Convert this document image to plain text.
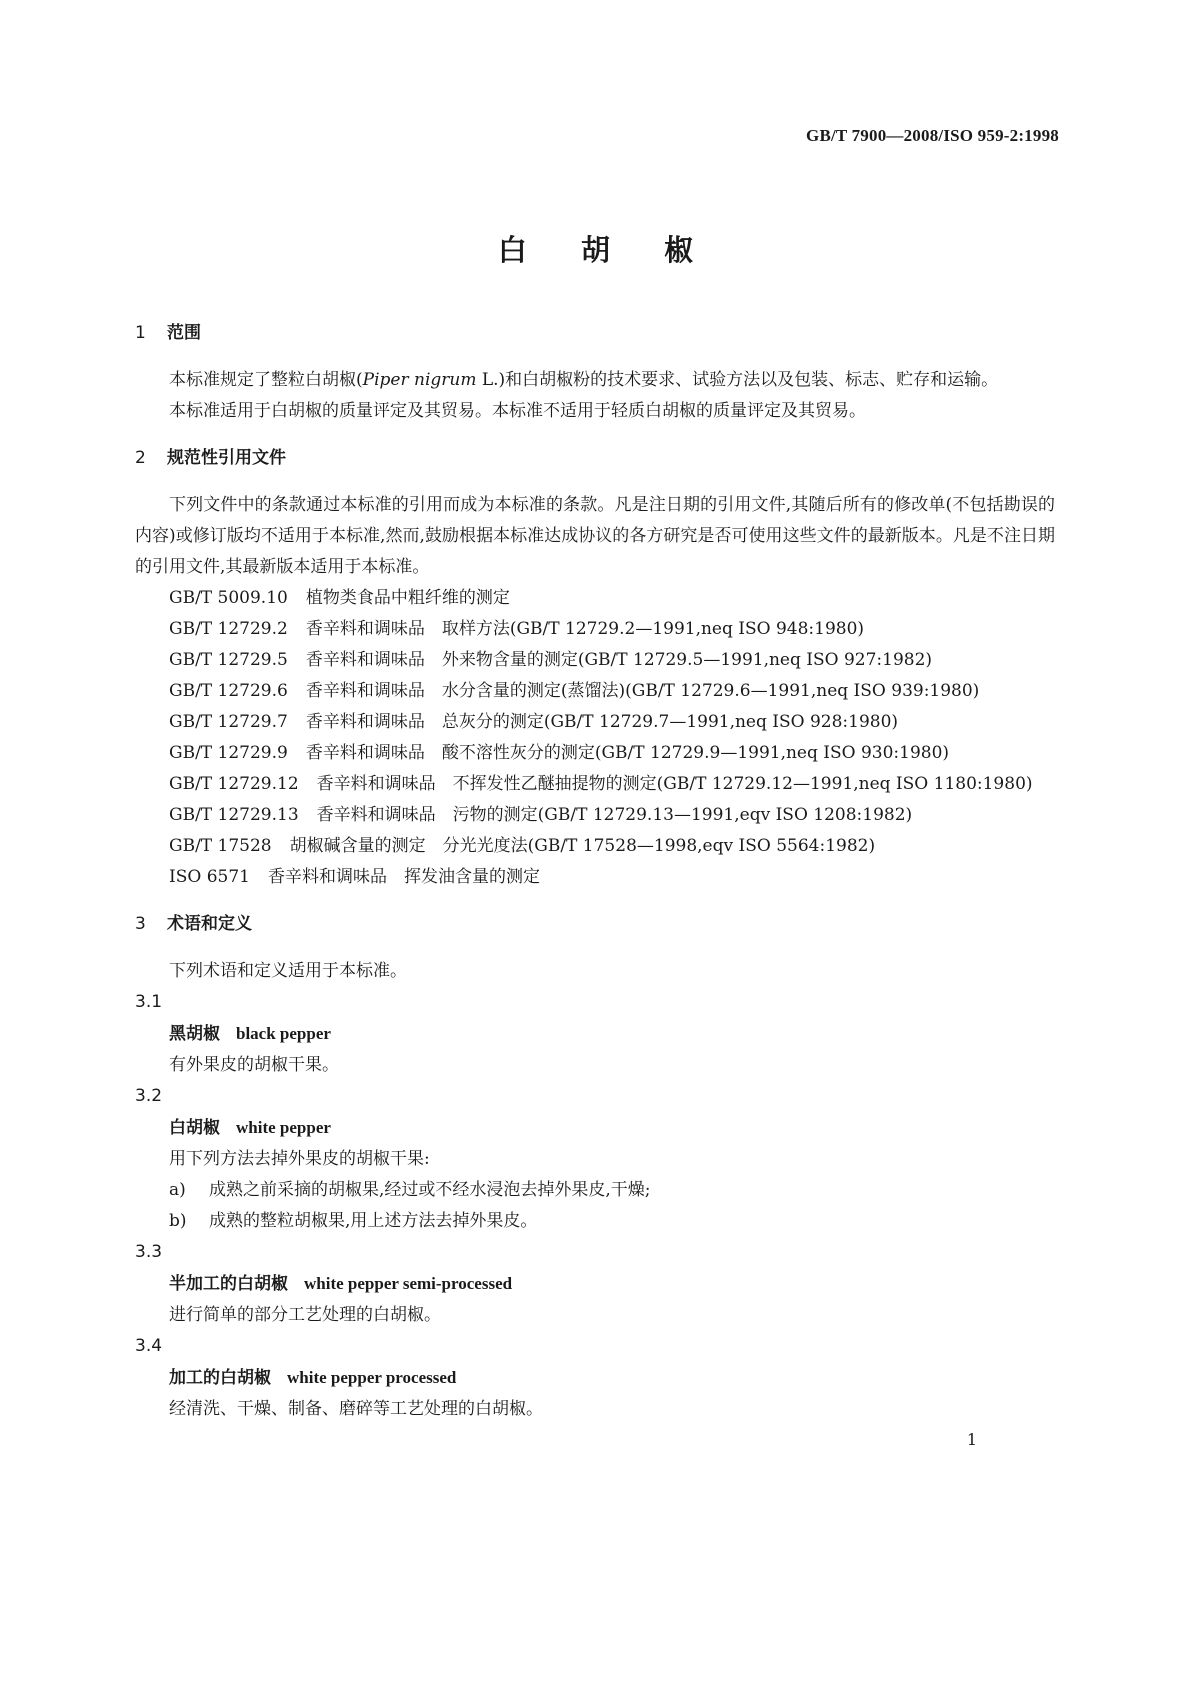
GB/T 7900—2008/ISO 959-2:1998
白 胡 椒
1 范围
本标准规定了整粒白胡椒(Piper nigrum L.)和白胡椒粉的技术要求、试验方法以及包装、标志、贮存和运输。
本标准适用于白胡椒的质量评定及其贸易。本标准不适用于轻质白胡椒的质量评定及其贸易。
2 规范性引用文件
下列文件中的条款通过本标准的引用而成为本标准的条款。凡是注日期的引用文件,其随后所有的修改单(不包括勘误的内容)或修订版均不适用于本标准,然而,鼓励根据本标准达成协议的各方研究是否可使用这些文件的最新版本。凡是不注日期的引用文件,其最新版本适用于本标准。
GB/T 5009.10 植物类食品中粗纤维的测定
GB/T 12729.2 香辛料和调味品　取样方法(GB/T 12729.2—1991,neq ISO 948:1980)
GB/T 12729.5 香辛料和调味品　外来物含量的测定(GB/T 12729.5—1991,neq ISO 927:1982)
GB/T 12729.6 香辛料和调味品　水分含量的测定(蒸馏法)(GB/T 12729.6—1991,neq ISO 939:1980)
GB/T 12729.7 香辛料和调味品　总灰分的测定(GB/T 12729.7—1991,neq ISO 928:1980)
GB/T 12729.9 香辛料和调味品　酸不溶性灰分的测定(GB/T 12729.9—1991,neq ISO 930:1980)
GB/T 12729.12 香辛料和调味品　不挥发性乙醚抽提物的测定(GB/T 12729.12—1991,neq ISO 1180:1980)
GB/T 12729.13 香辛料和调味品　污物的测定(GB/T 12729.13—1991,eqv ISO 1208:1982)
GB/T 17528 胡椒碱含量的测定　分光光度法(GB/T 17528—1998,eqv ISO 5564:1982)
ISO 6571 香辛料和调味品　挥发油含量的测定
3 术语和定义
下列术语和定义适用于本标准。
3.1
黑胡椒 black pepper
有外果皮的胡椒干果。
3.2
白胡椒 white pepper
用下列方法去掉外果皮的胡椒干果:
a) 成熟之前采摘的胡椒果,经过或不经水浸泡去掉外果皮,干燥;
b) 成熟的整粒胡椒果,用上述方法去掉外果皮。
3.3
半加工的白胡椒 white pepper semi-processed
进行简单的部分工艺处理的白胡椒。
3.4
加工的白胡椒 white pepper processed
经清洗、干燥、制备、磨碎等工艺处理的白胡椒。
1
